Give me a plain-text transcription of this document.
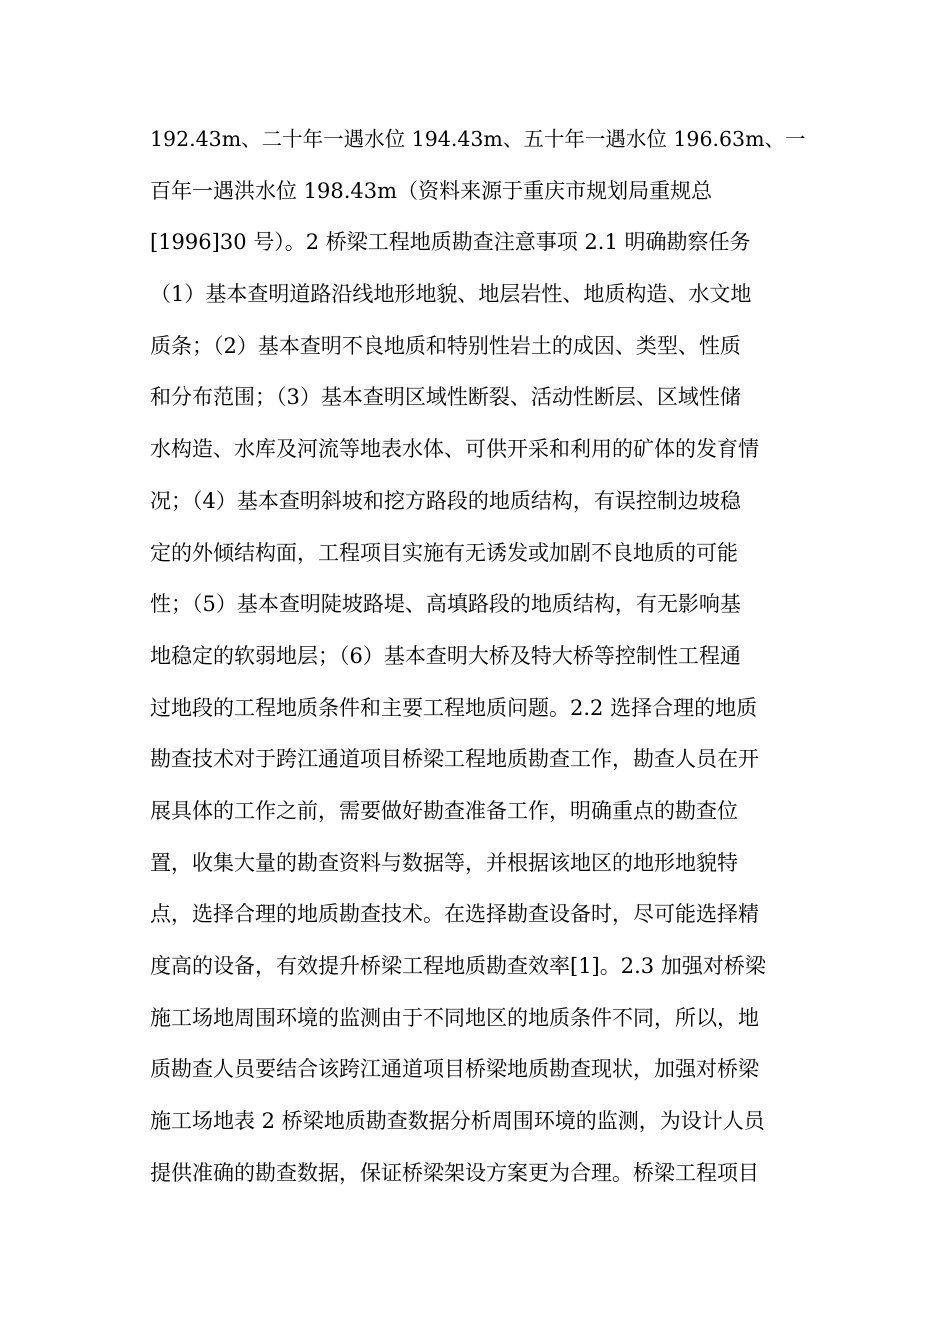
192.43m、二十年一遇水位 194.43m、五十年一遇水位 196.63m、一
百年一遇洪水位 198.43m（资料来源于重庆市规划局重规总
[1996]30 号）。2 桥梁工程地质勘查注意事项 2.1 明确勘察任务
（1）基本查明道路沿线地形地貌、地层岩性、地质构造、水文地
质条；（2）基本查明不良地质和特别性岩土的成因、类型、性质
和分布范围；（3）基本查明区域性断裂、活动性断层、区域性储
水构造、水库及河流等地表水体、可供开采和利用的矿体的发育情
况；（4）基本查明斜坡和挖方路段的地质结构，有误控制边坡稳
定的外倾结构面，工程项目实施有无诱发或加剧不良地质的可能
性；（5）基本查明陡坡路堤、高填路段的地质结构，有无影响基
地稳定的软弱地层；（6）基本查明大桥及特大桥等控制性工程通
过地段的工程地质条件和主要工程地质问题。2.2 选择合理的地质
勘查技术对于跨江通道项目桥梁工程地质勘查工作，勘查人员在开
展具体的工作之前，需要做好勘查准备工作，明确重点的勘查位
置，收集大量的勘查资料与数据等，并根据该地区的地形地貌特
点，选择合理的地质勘查技术。在选择勘查设备时，尽可能选择精
度高的设备，有效提升桥梁工程地质勘查效率[1]。2.3 加强对桥梁
施工场地周围环境的监测由于不同地区的地质条件不同，所以，地
质勘查人员要结合该跨江通道项目桥梁地质勘查现状，加强对桥梁
施工场地表 2 桥梁地质勘查数据分析周围环境的监测，为设计人员
提供准确的勘查数据，保证桥梁架设方案更为合理。桥梁工程项目
